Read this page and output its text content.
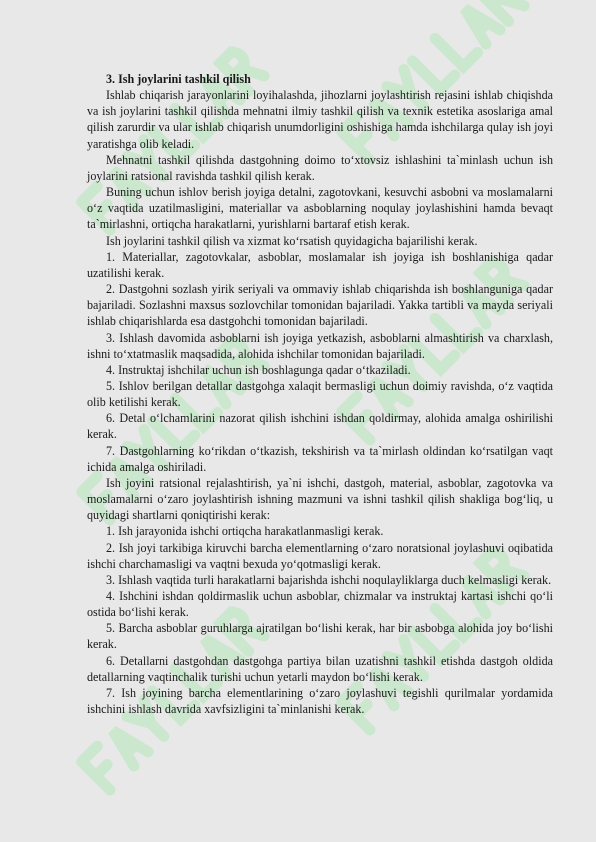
3. Ish joylarini tashkil qilish

Ishlab chiqarish jarayonlarini loyihalashda, jihozlarni joylashtirish rejasini ishlab chiqishda va ish joylarini tashkil qilishda mehnatni ilmiy tashkil qilish va texnik estetika asoslariga amal qilish zarurdir va ular ishlab chiqarish unumdorligini oshishiga hamda ishchilarga qulay ish joyi yaratishga olib keladi.

Mehnatni tashkil qilishda dastgohning doimo to‘xtovsiz ishlashini ta`minlash uchun ish joylarini ratsional ravishda tashkil qilish kerak.

Buning uchun ishlov berish joyiga detalni, zagotovkani, kesuvchi asbobni va moslamalarni o‘z vaqtida uzatilmasligini, materiallar va asboblarning noqulay joylashishini hamda bevaqt ta`mirlashni, ortiqcha harakatlarni, yurishlarni bartaraf etish kerak.

Ish joylarini tashkil qilish va xizmat ko‘rsatish quyidagicha bajarilishi kerak.

1. Materiallar, zagotovkalar, asboblar, moslamalar ish joyiga ish boshlanishiga qadar uzatilishi kerak.

2. Dastgohni sozlash yirik seriyali va ommaviy ishlab chiqarishda ish boshlanguniga qadar bajariladi. Sozlashni maxsus sozlovchilar tomonidan bajariladi. Yakka tartibli va mayda seriyali ishlab chiqarishlarda esa dastgohchi tomonidan bajariladi.

3. Ishlash davomida asboblarni ish joyiga yetkazish, asboblarni almashtirish va charxlash, ishni to‘xtatmaslik maqsadida, alohida ishchilar tomonidan bajariladi.

4. Instruktaj ishchilar uchun ish boshlagunga qadar o‘tkaziladi.

5. Ishlov berilgan detallar dastgohga xalaqit bermasligi uchun doimiy ravishda, o‘z vaqtida olib ketilishi kerak.

6. Detal o‘lchamlarini nazorat qilish ishchini ishdan qoldirmay, alohida amalga oshirilishi kerak.

7. Dastgohlarning ko‘rikdan o‘tkazish, tekshirish va ta`mirlash oldindan ko‘rsatilgan vaqt ichida amalga oshiriladi.

Ish joyini ratsional rejalashtirish, ya`ni ishchi, dastgoh, material, asboblar, zagotovka va moslamalarni o‘zaro joylashtirish ishning mazmuni va ishni tashkil qilish shakliga bog‘liq, u quyidagi shartlarni qoniqtirishi kerak:

1. Ish jarayonida ishchi ortiqcha harakatlanmasligi kerak.

2. Ish joyi tarkibiga kiruvchi barcha elementlarning o‘zaro noratsional joylashuvi oqibatida ishchi charchamasligi va vaqtni bexuda yo‘qotmasligi kerak.

3. Ishlash vaqtida turli harakatlarni bajarishda ishchi noqulayliklarga duch kelmasligi kerak.

4. Ishchini ishdan qoldirmaslik uchun asboblar, chizmalar va instruktaj kartasi ishchi qo‘li ostida bo‘lishi kerak.

5. Barcha asboblar guruhlarga ajratilgan bo‘lishi kerak, har bir asbobga alohida joy bo‘lishi kerak.

6. Detallarni dastgohdan dastgohga partiya bilan uzatishni tashkil etishda dastgoh oldida detallarning vaqtinchalik turishi uchun yetarli maydon bo‘lishi kerak.

7. Ish joyining barcha elementlarining o‘zaro joylashuvi tegishli qurilmalar yordamida ishchini ishlash davrida xavfsizligini ta`minlanishi kerak.
